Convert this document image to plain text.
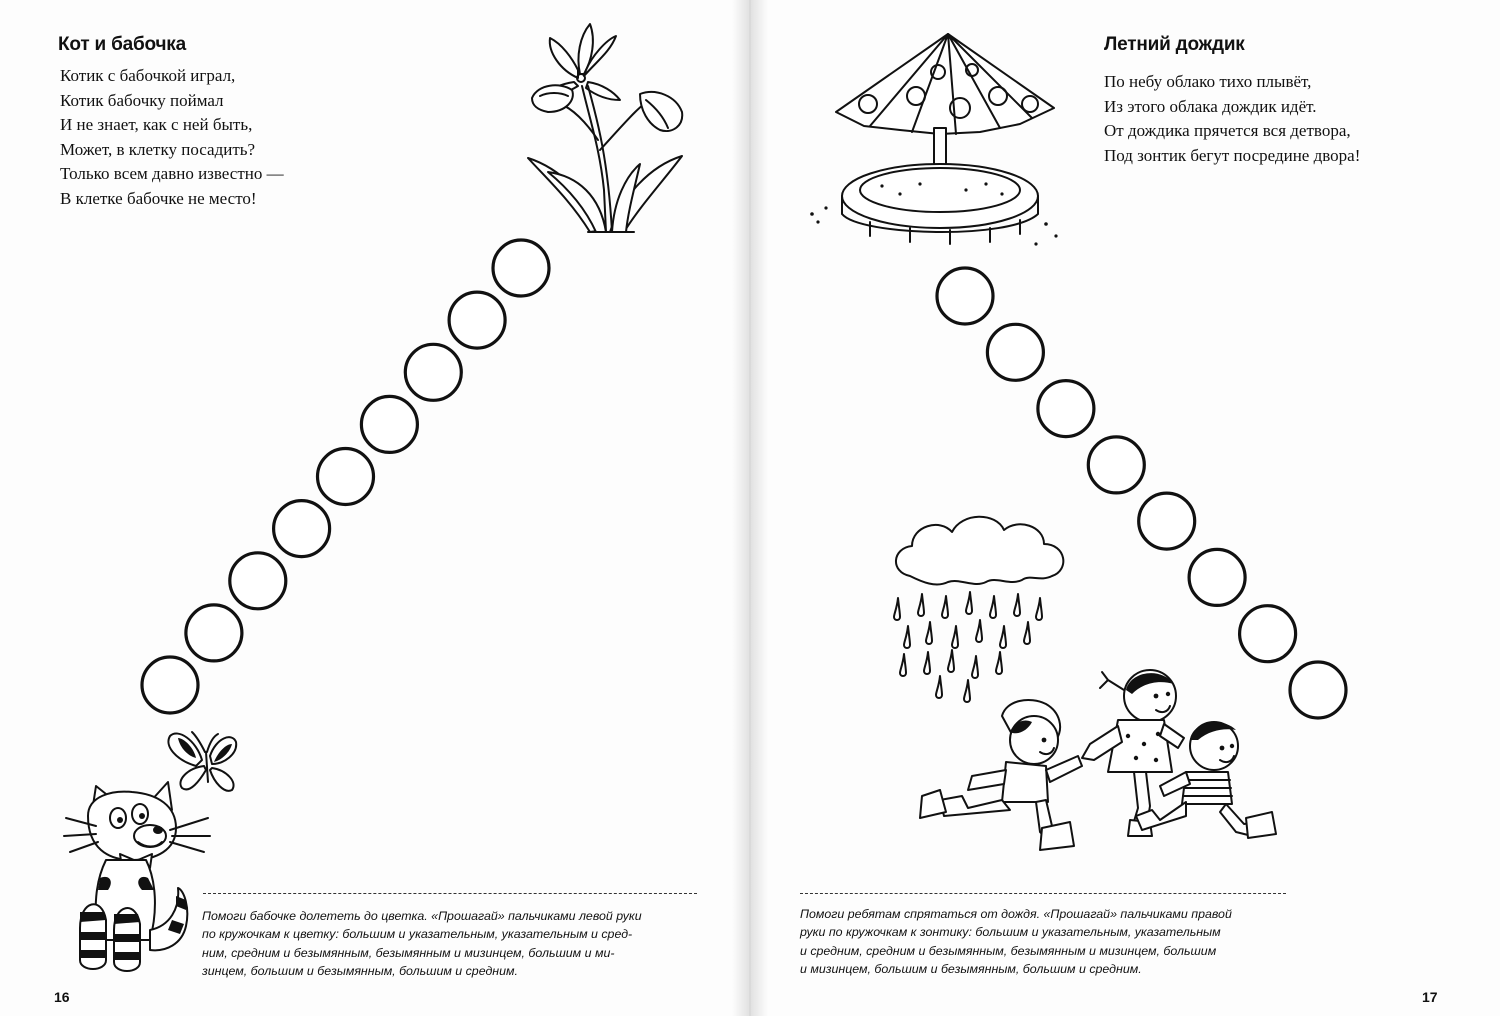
Кот и бабочка
Котик с бабочкой играл,
Котик бабочку поймал
И не знает, как с ней быть,
Может, в клетку посадить?
Только всем давно известно —
В клетке бабочке не место!
Помоги бабочке долететь до цветка. «Прошагай» пальчиками левой руки
по кружочкам к цветку: большим и указательным, указательным и сред-
ним, средним и безымянным, безымянным и мизинцем, большим и ми-
зинцем, большим и безымянным, большим и средним.
16
Летний дождик
По небу облако тихо плывёт,
Из этого облака дождик идёт.
От дождика прячется вся детвора,
Под зонтик бегут посредине двора!
Помоги ребятам спрятаться от дождя. «Прошагай» пальчиками правой
руки по кружочкам к зонтику: большим и указательным, указательным
и средним, средним и безымянным, безымянным и мизинцем, большим
и мизинцем, большим и безымянным, большим и средним.
17
